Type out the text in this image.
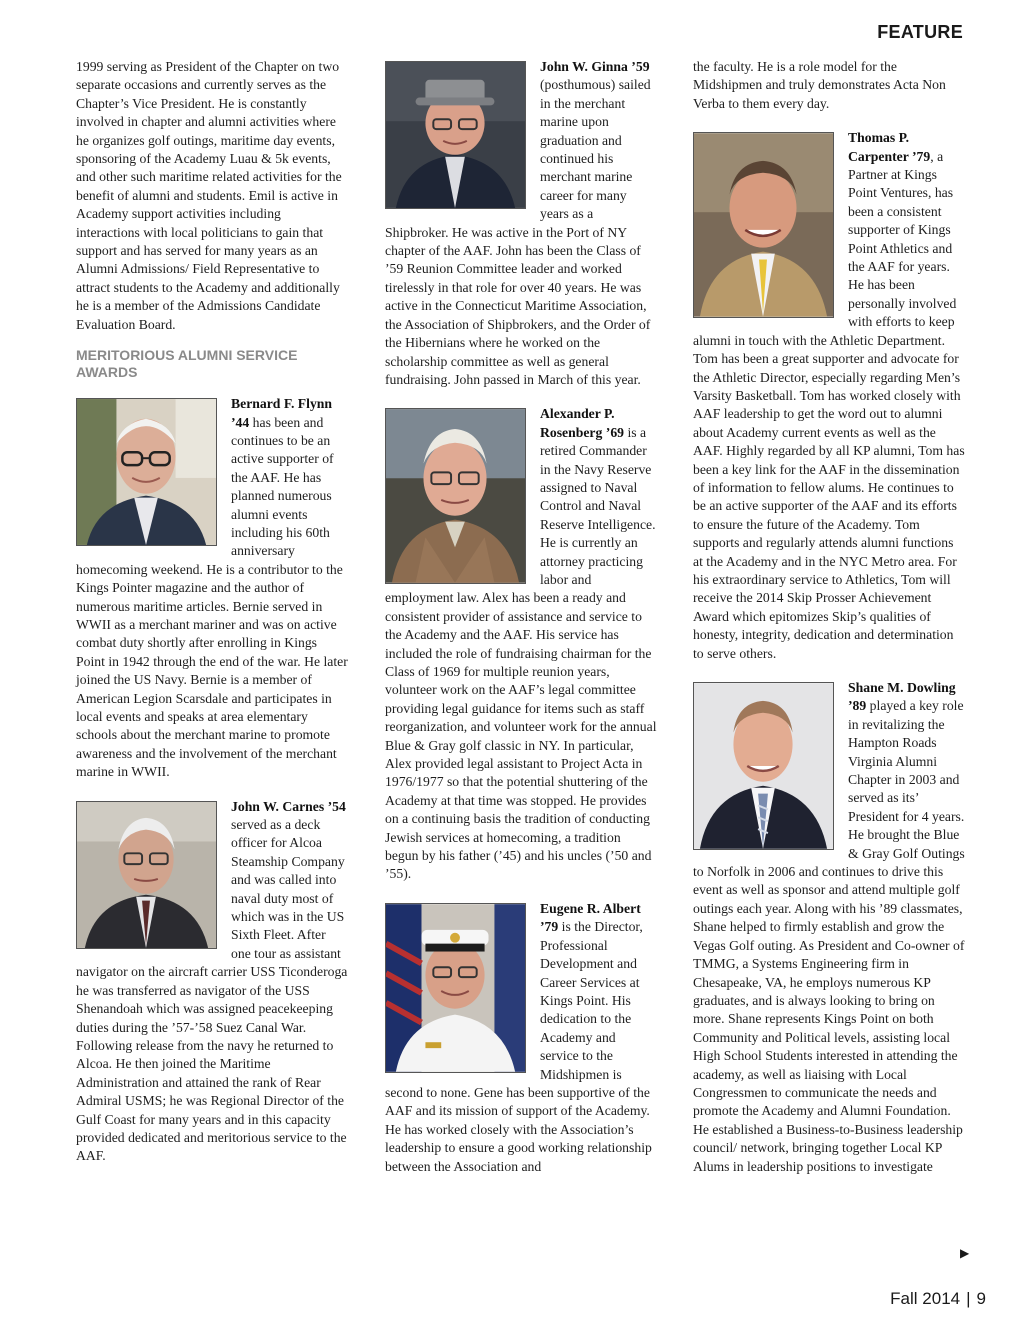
FEATURE

1999 serving as President of the Chapter on two separate occasions and currently serves as the Chapter’s Vice President. He is constantly involved in chapter and alumni activities where he organizes golf outings, maritime day events, sponsoring of the Academy Luau & 5k events, and other such maritime related activities for the benefit of alumni and students. Emil is active in Academy support activities including interactions with local politicians to gain that support and has served for many years as an Alumni Admissions/ Field Representative to attract students to the Academy and additionally he is a member of the Admissions Candidate Evaluation Board.

MERITORIOUS ALUMNI SERVICE AWARDS

Bernard F. Flynn ’44 has been and continues to be an active supporter of the AAF. He has planned numerous alumni events including his 60th anniversary homecoming weekend. He is a contributor to the Kings Pointer magazine and the author of numerous maritime articles. Bernie served in WWII as a merchant mariner and was on active combat duty shortly after enrolling in Kings Point in 1942 through the end of the war. He later joined the US Navy. Bernie is a member of American Legion Scarsdale and participates in local events and speaks at area elementary schools about the merchant marine to promote awareness and the involvement of the merchant marine in WWII.

John W. Carnes ’54 served as a deck officer for Alcoa Steamship Company and was called into naval duty most of which was in the US Sixth Fleet. After one tour as assistant navigator on the aircraft carrier USS Ticonderoga he was transferred as navigator of the USS Shenandoah which was assigned peacekeeping duties during the ’57-’58 Suez Canal War. Following release from the navy he returned to Alcoa. He then joined the Maritime Administration and attained the rank of Rear Admiral USMS; he was Regional Director of the Gulf Coast for many years and in this capacity provided dedicated and meritorious service to the AAF.

John W. Ginna ’59 (posthumous) sailed in the merchant marine upon graduation and continued his merchant marine career for many years as a Shipbroker. He was active in the Port of NY chapter of the AAF. John has been the Class of ’59 Reunion Committee leader and worked tirelessly in that role for over 40 years. He was active in the Connecticut Maritime Association, the Association of Shipbrokers, and the Order of the Hibernians where he worked on the scholarship committee as well as general fundraising. John passed in March of this year.

Alexander P. Rosenberg ’69 is a retired Commander in the Navy Reserve assigned to Naval Control and Naval Reserve Intelligence. He is currently an attorney practicing labor and employment law. Alex has been a ready and consistent provider of assistance and service to the Academy and the AAF. His service has included the role of fundraising chairman for the Class of 1969 for multiple reunion years, volunteer work on the AAF’s legal committee providing legal guidance for items such as staff reorganization, and volunteer work for the annual Blue & Gray golf classic in NY. In particular, Alex provided legal assistant to Project Acta in 1976/1977 so that the potential shuttering of the Academy at that time was stopped. He provides on a continuing basis the tradition of conducting Jewish services at homecoming, a tradition begun by his father (’45) and his uncles (’50 and ’55).

Eugene R. Albert ’79 is the Director, Professional Development and Career Services at Kings Point. His dedication to the Academy and service to the Midshipmen is second to none. Gene has been supportive of the AAF and its mission of support of the Academy. He has worked closely with the Association’s leadership to ensure a good working relationship between the Association and

the faculty. He is a role model for the Midshipmen and truly demonstrates Acta Non Verba to them every day.

Thomas P. Carpenter ’79, a Partner at Kings Point Ventures, has been a consistent supporter of Kings Point Athletics and the AAF for years. He has been personally involved with efforts to keep alumni in touch with the Athletic Department. Tom has been a great supporter and advocate for the Athletic Director, especially regarding Men’s Varsity Basketball. Tom has worked closely with AAF leadership to get the word out to alumni about Academy current events as well as the AAF. Highly regarded by all KP alumni, Tom has been a key link for the AAF in the dissemination of information to fellow alums. He continues to be an active supporter of the AAF and its efforts to ensure the future of the Academy. Tom supports and regularly attends alumni functions at the Academy and in the NYC Metro area. For his extraordinary service to Athletics, Tom will receive the 2014 Skip Prosser Achievement Award which epitomizes Skip’s qualities of honesty, integrity, dedication and determination to serve others.

Shane M. Dowling ’89 played a key role in revitalizing the Hampton Roads Virginia Alumni Chapter in 2003 and served as its’ President for 4 years. He brought the Blue & Gray Golf Outings to Norfolk in 2006 and continues to drive this event as well as sponsor and attend multiple golf outings each year. Along with his ’89 classmates, Shane helped to firmly establish and grow the Vegas Golf outing. As President and Co-owner of TMMG, a Systems Engineering firm in Chesapeake, VA, he employs numerous KP graduates, and is always looking to bring on more. Shane represents Kings Point on both Community and Political levels, assisting local High School Students interested in attending the academy, as well as liaising with Local Congressmen to communicate the needs and promote the Academy and Alumni Foundation. He established a Business-to-Business leadership council/ network, bringing together Local KP Alums in leadership positions to investigate

▶
Fall 2014 | 9
